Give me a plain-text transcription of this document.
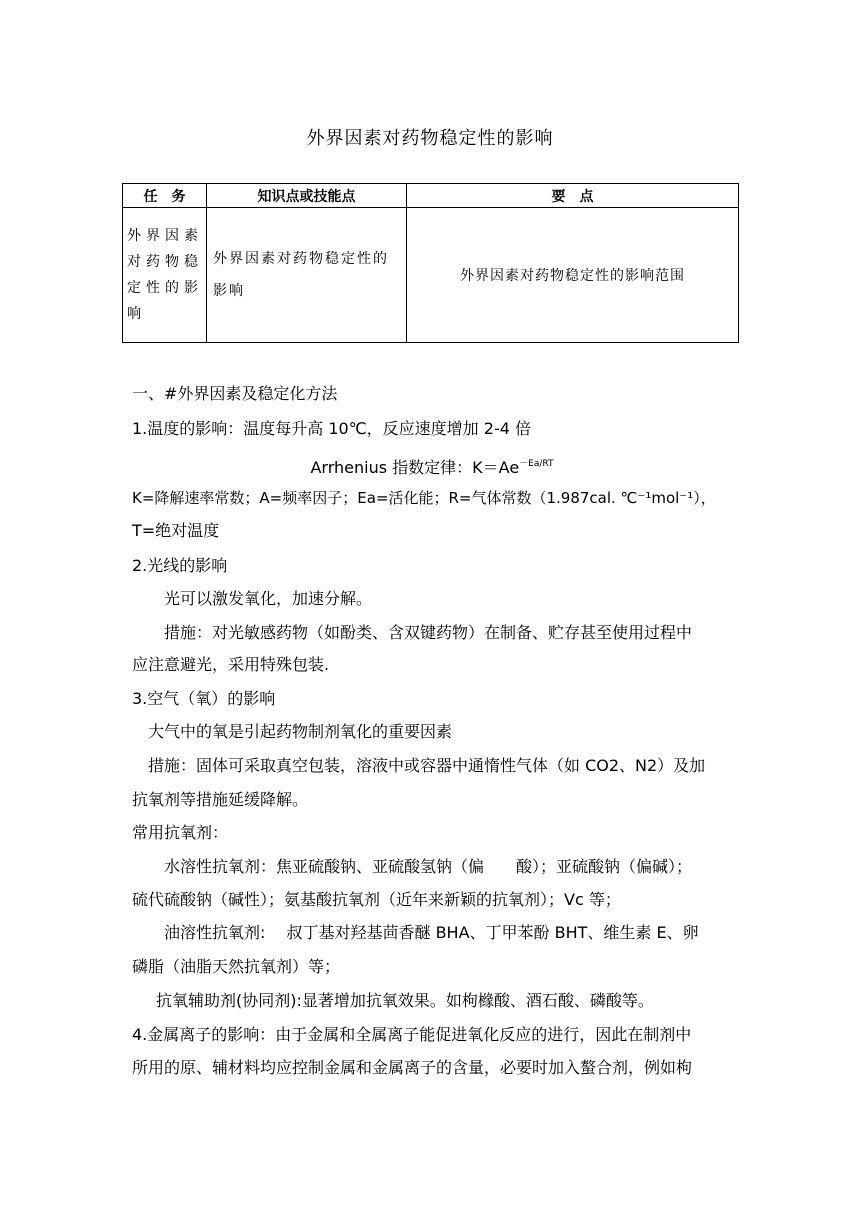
外界因素对药物稳定性的影响
任　务	知识点或技能点	要　点
外界因素对药物稳定性的影响	外界因素对药物稳定性的影响	外界因素对药物稳定性的影响范围
一、#外界因素及稳定化方法
1.温度的影响：温度每升高 10℃，反应速度增加 2-4 倍
Arrhenius 指数定律：$K=Ae^{-Ea/RT}$
K=降解速率常数；A=频率因子；Ea=活化能；R=气体常数（1.987cal. ℃⁻¹mol⁻¹），
T=绝对温度
2.光线的影响
光可以激发氧化，加速分解。
措施：对光敏感药物（如酚类、含双键药物）在制备、贮存甚至使用过程中
应注意避光，采用特殊包装.
3.空气（氧）的影响
大气中的氧是引起药物制剂氧化的重要因素
措施：固体可采取真空包装，溶液中或容器中通惰性气体（如 CO2、N2）及加
抗氧剂等措施延缓降解。
常用抗氧剂：
水溶性抗氧剂：焦亚硫酸钠、亚硫酸氢钠（偏　　酸）；亚硫酸钠（偏碱）；
硫代硫酸钠（碱性）；氨基酸抗氧剂（近年来新颖的抗氧剂）；Vc 等；
油溶性抗氧剂:　 叔丁基对羟基茴香醚 BHA、丁甲苯酚 BHT、维生素 E、卵
磷脂（油脂天然抗氧剂）等；
抗氧辅助剂(协同剂):显著增加抗氧效果。如枸橼酸、酒石酸、磷酸等。
4.金属离子的影响：由于金属和全属离子能促进氧化反应的进行，因此在制剂中
所用的原、辅材料均应控制金属和金属离子的含量，必要时加入螯合剂，例如枸
